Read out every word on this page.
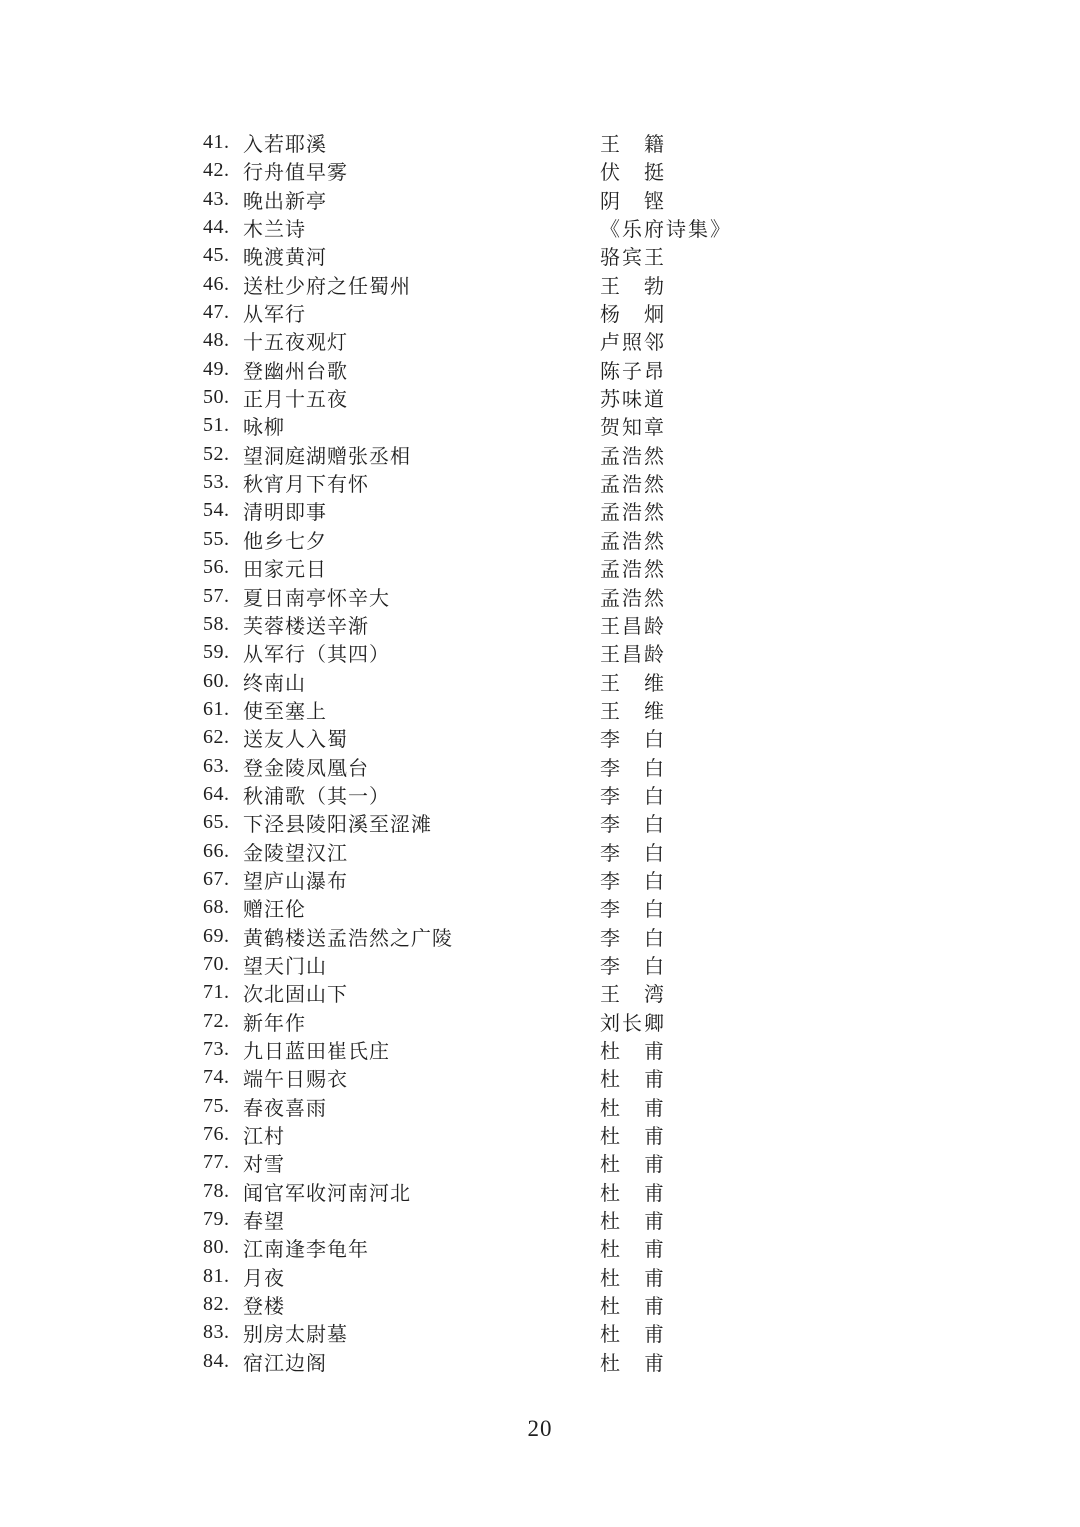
41. 入若耶溪	王　籍
42. 行舟值早雾	伏　挺
43. 晚出新亭	阴　铿
44. 木兰诗	《乐府诗集》
45. 晚渡黄河	骆宾王
46. 送杜少府之任蜀州	王　勃
47. 从军行	杨　炯
48. 十五夜观灯	卢照邻
49. 登幽州台歌	陈子昂
50. 正月十五夜	苏味道
51. 咏柳	贺知章
52. 望洞庭湖赠张丞相	孟浩然
53. 秋宵月下有怀	孟浩然
54. 清明即事	孟浩然
55. 他乡七夕	孟浩然
56. 田家元日	孟浩然
57. 夏日南亭怀辛大	孟浩然
58. 芙蓉楼送辛渐	王昌龄
59. 从军行（其四）	王昌龄
60. 终南山	王　维
61. 使至塞上	王　维
62. 送友人入蜀	李　白
63. 登金陵凤凰台	李　白
64. 秋浦歌（其一）	李　白
65. 下泾县陵阳溪至涩滩	李　白
66. 金陵望汉江	李　白
67. 望庐山瀑布	李　白
68. 赠汪伦	李　白
69. 黄鹤楼送孟浩然之广陵	李　白
70. 望天门山	李　白
71. 次北固山下	王　湾
72. 新年作	刘长卿
73. 九日蓝田崔氏庄	杜　甫
74. 端午日赐衣	杜　甫
75. 春夜喜雨	杜　甫
76. 江村	杜　甫
77. 对雪	杜　甫
78. 闻官军收河南河北	杜　甫
79. 春望	杜　甫
80. 江南逢李龟年	杜　甫
81. 月夜	杜　甫
82. 登楼	杜　甫
83. 别房太尉墓	杜　甫
84. 宿江边阁	杜　甫
20
